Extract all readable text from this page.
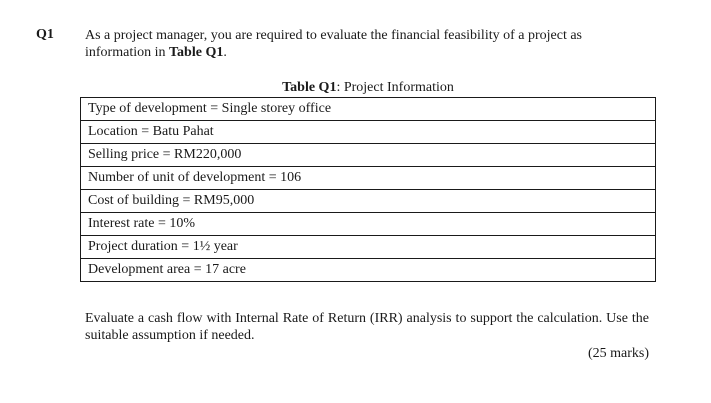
Q1 As a project manager, you are required to evaluate the financial feasibility of a project as information in Table Q1.
Table Q1: Project Information
Type of development = Single storey office
Location = Batu Pahat
Selling price = RM220,000
Number of unit of development = 106
Cost of building = RM95,000
Interest rate = 10%
Project duration = 1½ year
Development area = 17 acre
Evaluate a cash flow with Internal Rate of Return (IRR) analysis to support the calculation. Use the suitable assumption if needed.
(25 marks)
